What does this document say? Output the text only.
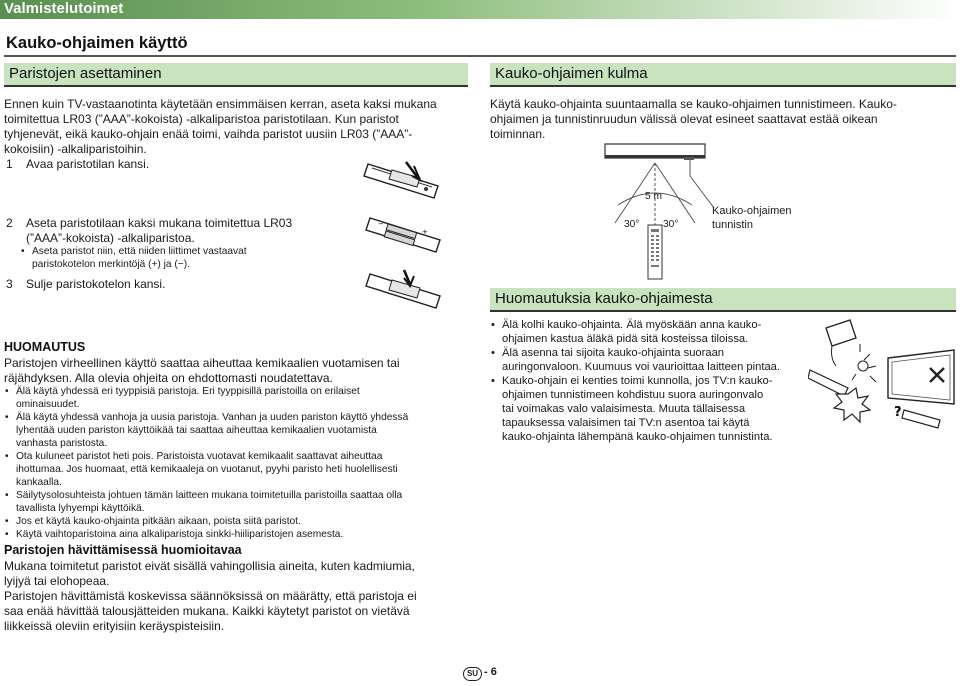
Valmistelutoimet
Kauko-ohjaimen käyttö
Paristojen asettaminen
Ennen kuin TV-vastaanotinta käytetään ensimmäisen kerran, aseta kaksi mukana
toimitettua LR03 (”AAA”-kokoista) -alkaliparistoa paristotilaan. Kun paristot
tyhjenevät, eikä kauko-ohjain enää toimi, vaihda paristot uusiin LR03 (”AAA”-
kokoisiin) -alkaliparistoihin.
1 Avaa paristotilan kansi.
2 Aseta paristotilaan kaksi mukana toimitettua LR03
(”AAA”-kokoista) -alkaliparistoa.
• Aseta paristot niin, että niiden liittimet vastaavat
paristokotelon merkintöjä (+) ja (−).
+
−
3 Sulje paristokotelon kansi.
HUOMAUTUS
Paristojen virheellinen käyttö saattaa aiheuttaa kemikaalien vuotamisen tai
räjähdyksen. Alla olevia ohjeita on ehdottomasti noudatettava.
• Älä käytä yhdessä eri tyyppisiä paristoja. Eri tyyppisillä paristoilla on erilaiset
ominaisuudet.
• Älä käytä yhdessä vanhoja ja uusia paristoja. Vanhan ja uuden pariston käyttö yhdessä
lyhentää uuden pariston käyttöikää tai saattaa aiheuttaa kemikaalien vuotamista
vanhasta paristosta.
• Ota kuluneet paristot heti pois. Paristoista vuotavat kemikaalit saattavat aiheuttaa
ihottumaa. Jos huomaat, että kemikaaleja on vuotanut, pyyhi paristo heti huolellisesti
kankaalla.
• Säilytysolosuhteista johtuen tämän laitteen mukana toimitetuilla paristoilla saattaa olla
tavallista lyhyempi käyttöikä.
• Jos et käytä kauko-ohjainta pitkään aikaan, poista siitä paristot.
• Käytä vaihtoparistoina aina alkaliparistoja sinkki-hiiliparistojen asemesta.
Paristojen hävittämisessä huomioitavaa
Mukana toimitetut paristot eivät sisällä vahingollisia aineita, kuten kadmiumia,
lyijyä tai elohopeaa.
Paristojen hävittämistä koskevissa säännöksissä on määrätty, että paristoja ei
saa enää hävittää talousjätteiden mukana. Kaikki käytetyt paristot on vietävä
liikkeissä oleviin erityisiin keräyspisteisiin.
Kauko-ohjaimen kulma
Käytä kauko-ohjainta suuntaamalla se kauko-ohjaimen tunnistimeen. Kauko-
ohjaimen ja tunnistinruudun välissä olevat esineet saattavat estää oikean
toiminnan.
5 m
30° 30°
Kauko-ohjaimen
tunnistin
Huomautuksia kauko-ohjaimesta
• Älä kolhi kauko-ohjainta. Älä myöskään anna kauko-
ohjaimen kastua äläkä pidä sitä kosteissa tiloissa.
• Älä asenna tai sijoita kauko-ohjainta suoraan
auringonvaloon. Kuumuus voi vaurioittaa laitteen pintaa.
• Kauko-ohjain ei kenties toimi kunnolla, jos TV:n kauko-
ohjaimen tunnistimeen kohdistuu suora auringonvalo
tai voimakas valo valaisimesta. Muuta tällaisessa
tapauksessa valaisimen tai TV:n asentoa tai käytä
kauko-ohjainta lähempänä kauko-ohjaimen tunnistinta.
?
SU - 6
